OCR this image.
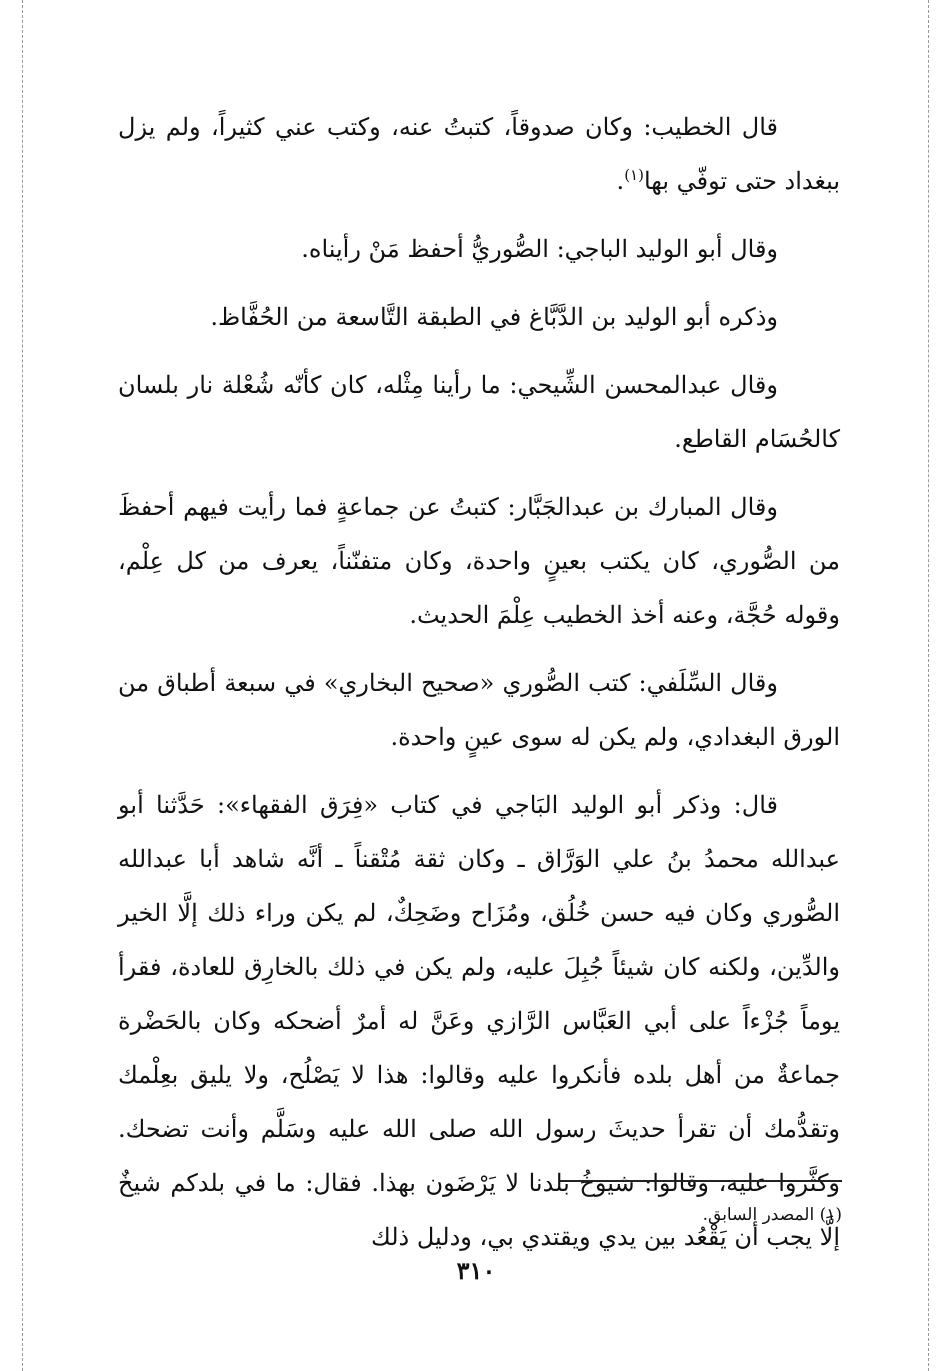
قال الخطيب: وكان صدوقاً، كتبتُ عنه، وكتب عني كثيراً، ولم يزل ببغداد حتى توفّي بها$^{(١)}$.

وقال أبو الوليد الباجي: الصُّوريُّ أحفظ مَنْ رأيناه.

وذكره أبو الوليد بن الدَّبَّاغ في الطبقة التَّاسعة من الحُفَّاظ.

وقال عبدالمحسن الشِّيحي: ما رأينا مِثْله، كان كأنّه شُعْلة نار بلسان كالحُسَام القاطع.

وقال المبارك بن عبدالجَبَّار: كتبتُ عن جماعةٍ فما رأيت فيهم أحفظَ من الصُّوري، كان يكتب بعينٍ واحدة، وكان متفنّناً، يعرف من كل عِلْم، وقوله حُجَّة، وعنه أخذ الخطيب عِلْمَ الحديث.

وقال السِّلَفي: كتب الصُّوري «صحيح البخاري» في سبعة أطباق من الورق البغدادي، ولم يكن له سوى عينٍ واحدة.

قال: وذكر أبو الوليد البَاجي في كتاب «فِرَق الفقهاء»: حَدَّثنا أبو عبدالله محمدُ بنُ علي الوَرَّاق ـ وكان ثقة مُتْقناً ـ أنَّه شاهد أبا عبدالله الصُّوري وكان فيه حسن خُلُق، ومُزَاح وضَحِكٌ، لم يكن وراء ذلك إلَّا الخير والدِّين، ولكنه كان شيئاً جُبِلَ عليه، ولم يكن في ذلك بالخارِق للعادة، فقرأ يوماً جُزْءاً على أبي العَبَّاس الرَّازي وعَنَّ له أمرٌ أضحكه وكان بالحَضْرة جماعةٌ من أهل بلده فأنكروا عليه وقالوا: هذا لا يَصْلُح، ولا يليق بعِلْمك وتقدُّمك أن تقرأ حديثَ رسول الله صلى الله عليه وسَلَّم وأنت تضحك. وكثَّروا عليه، وقالوا: شيوخُ بلدنا لا يَرْضَون بهذا. فقال: ما في بلدكم شيخٌ إلَّا يجب أن يَقْعُد بين يدي ويقتدي بي، ودليل ذلك

(١) المصدر السابق.
٣١٠
